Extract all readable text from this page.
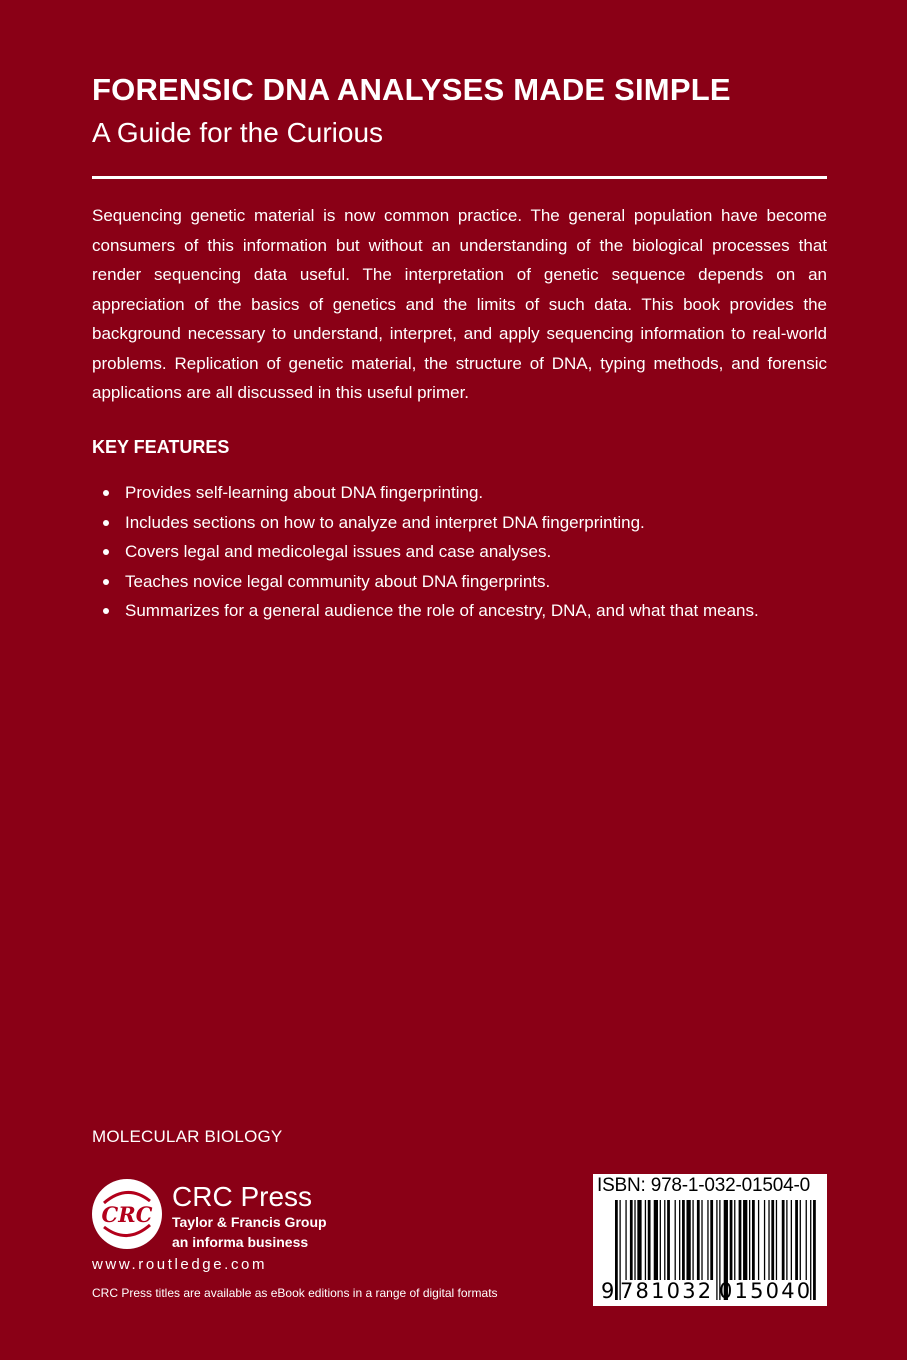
FORENSIC DNA ANALYSES MADE SIMPLE
A Guide for the Curious

Sequencing genetic material is now common practice. The general population have become consumers of this information but without an understanding of the biological processes that render sequencing data useful. The interpretation of genetic sequence depends on an appreciation of the basics of genetics and the limits of such data. This book provides the background necessary to understand, interpret, and apply sequencing information to real-world problems. Replication of genetic material, the structure of DNA, typing methods, and forensic applications are all discussed in this useful primer.

KEY FEATURES
Provides self-learning about DNA fingerprinting.
Includes sections on how to analyze and interpret DNA fingerprinting.
Covers legal and medicolegal issues and case analyses.
Teaches novice legal community about DNA fingerprints.
Summarizes for a general audience the role of ancestry, DNA, and what that means.

MOLECULAR BIOLOGY

CRC

CRC Press

Taylor & Francis Group

an informa business

www.routledge.com

CRC Press titles are available as eBook editions in a range of digital formats

ISBN: 978-1-032-01504-0

9 781032 015040
